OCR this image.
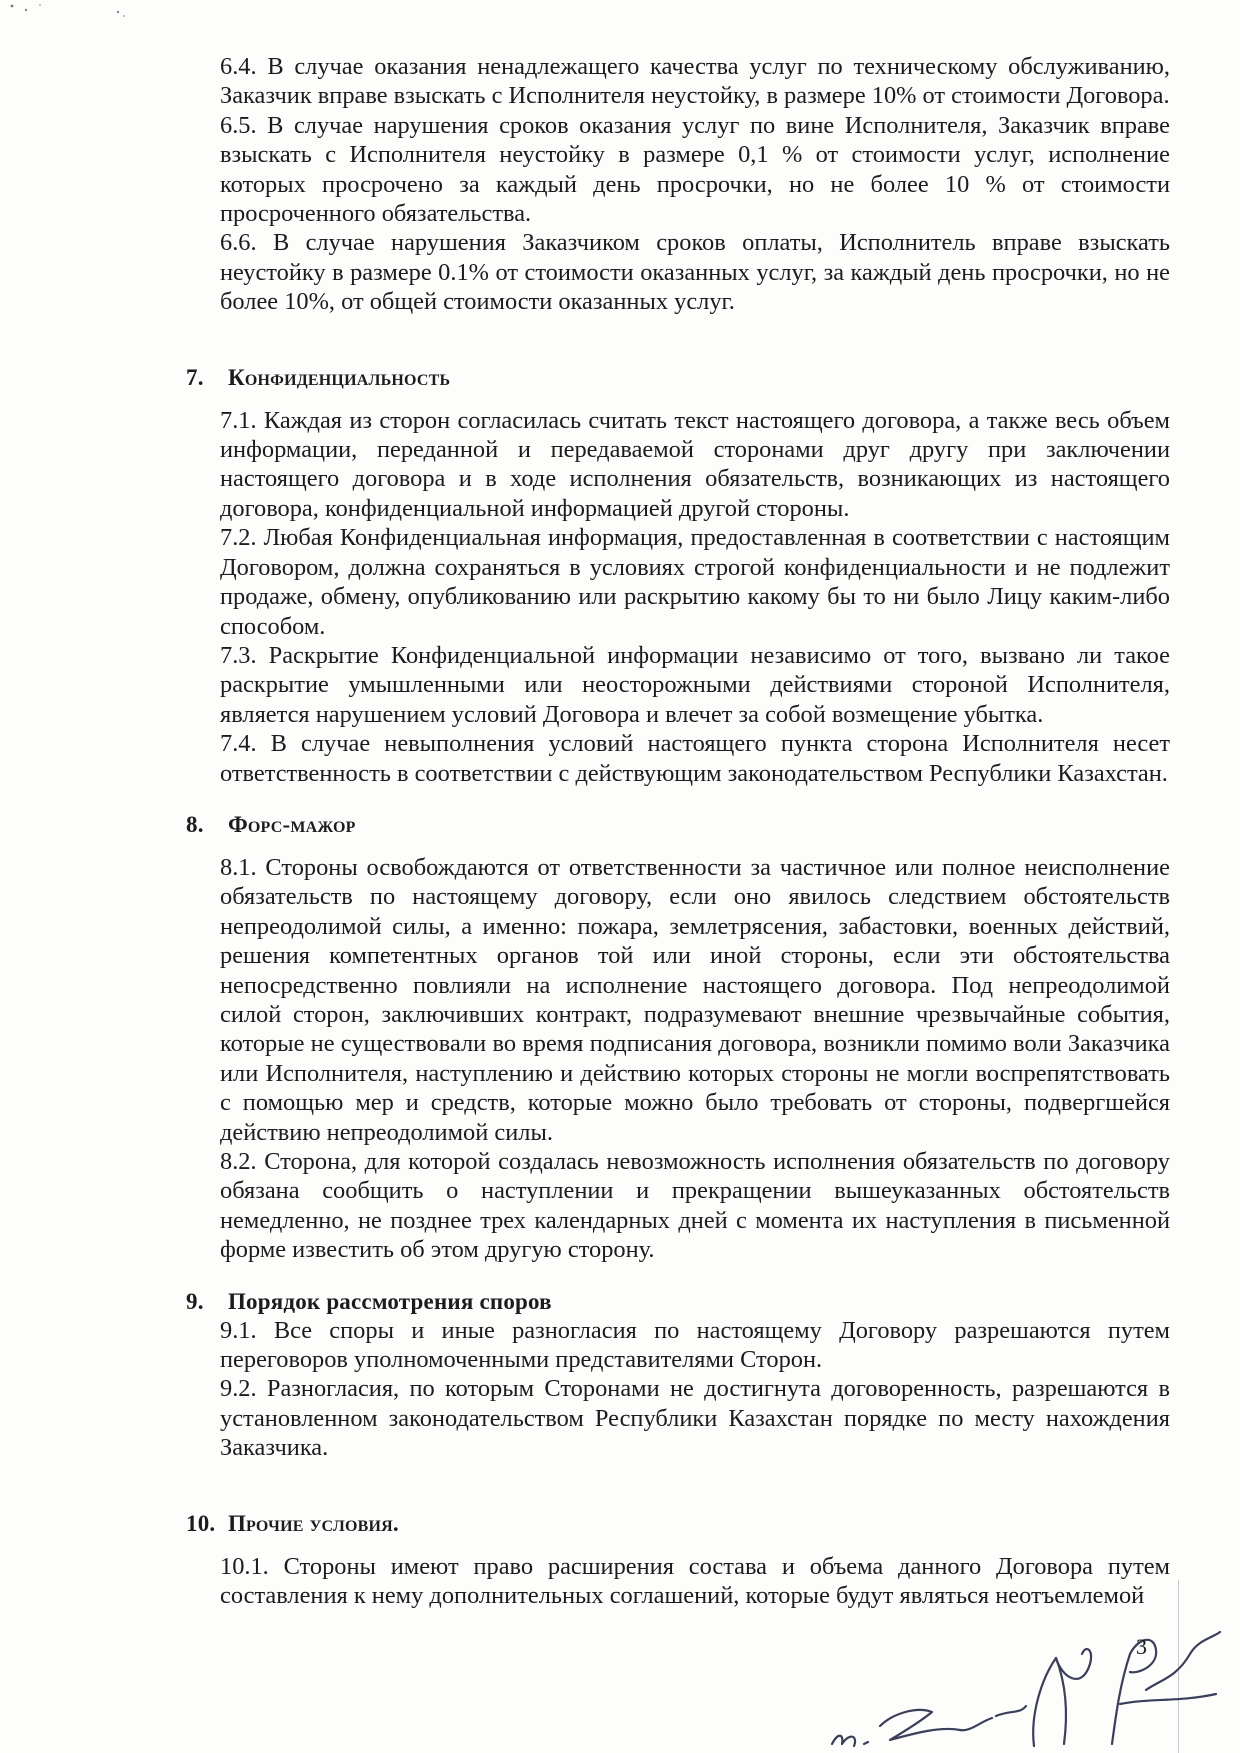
6.4. В случае оказания ненадлежащего качества услуг по техническому обслуживанию, Заказчик вправе взыскать с Исполнителя неустойку, в размере 10% от стоимости Договора.

6.5. В случае нарушения сроков оказания услуг по вине Исполнителя, Заказчик вправе взыскать с Исполнителя неустойку в размере 0,1 % от стоимости услуг, исполнение которых просрочено за каждый день просрочки, но не более 10 % от стоимости просроченного обязательства.

6.6. В случае нарушения Заказчиком сроков оплаты, Исполнитель вправе взыскать неустойку в размере 0.1% от стоимости оказанных услуг, за каждый день просрочки, но не более 10%, от общей стоимости оказанных услуг.

7. Конфиденциальность

7.1. Каждая из сторон согласилась считать текст настоящего договора, а также весь объем информации, переданной и передаваемой сторонами друг другу при заключении настоящего договора и в ходе исполнения обязательств, возникающих из настоящего договора, конфиденциальной информацией другой стороны.

7.2. Любая Конфиденциальная информация, предоставленная в соответствии с настоящим Договором, должна сохраняться в условиях строгой конфиденциальности и не подлежит продаже, обмену, опубликованию или раскрытию какому бы то ни было Лицу каким-либо способом.

7.3. Раскрытие Конфиденциальной информации независимо от того, вызвано ли такое раскрытие умышленными или неосторожными действиями стороной Исполнителя, является нарушением условий Договора и влечет за собой возмещение убытка.

7.4. В случае невыполнения условий настоящего пункта сторона Исполнителя несет ответственность в соответствии с действующим законодательством Республики Казахстан.

8. Форс-мажор

8.1. Стороны освобождаются от ответственности за частичное или полное неисполнение обязательств по настоящему договору, если оно явилось следствием обстоятельств непреодолимой силы, а именно: пожара, землетрясения, забастовки, военных действий, решения компетентных органов той или иной стороны, если эти обстоятельства непосредственно повлияли на исполнение настоящего договора. Под непреодолимой силой сторон, заключивших контракт, подразумевают внешние чрезвычайные события, которые не существовали во время подписания договора, возникли помимо воли Заказчика или Исполнителя, наступлению и действию которых стороны не могли воспрепятствовать с помощью мер и средств, которые можно было требовать от стороны, подвергшейся действию непреодолимой силы.

8.2. Сторона, для которой создалась невозможность исполнения обязательств по договору обязана сообщить о наступлении и прекращении вышеуказанных обстоятельств немедленно, не позднее трех календарных дней с момента их наступления в письменной форме известить об этом другую сторону.

9. Порядок рассмотрения споров

9.1. Все споры и иные разногласия по настоящему Договору разрешаются путем переговоров уполномоченными представителями Сторон.

9.2. Разногласия, по которым Сторонами не достигнута договоренность, разрешаются в установленном законодательством Республики Казахстан порядке по месту нахождения Заказчика.

10. Прочие условия.

10.1. Стороны имеют право расширения состава и объема данного Договора путем составления к нему дополнительных соглашений, которые будут являться неотъемлемой

3
